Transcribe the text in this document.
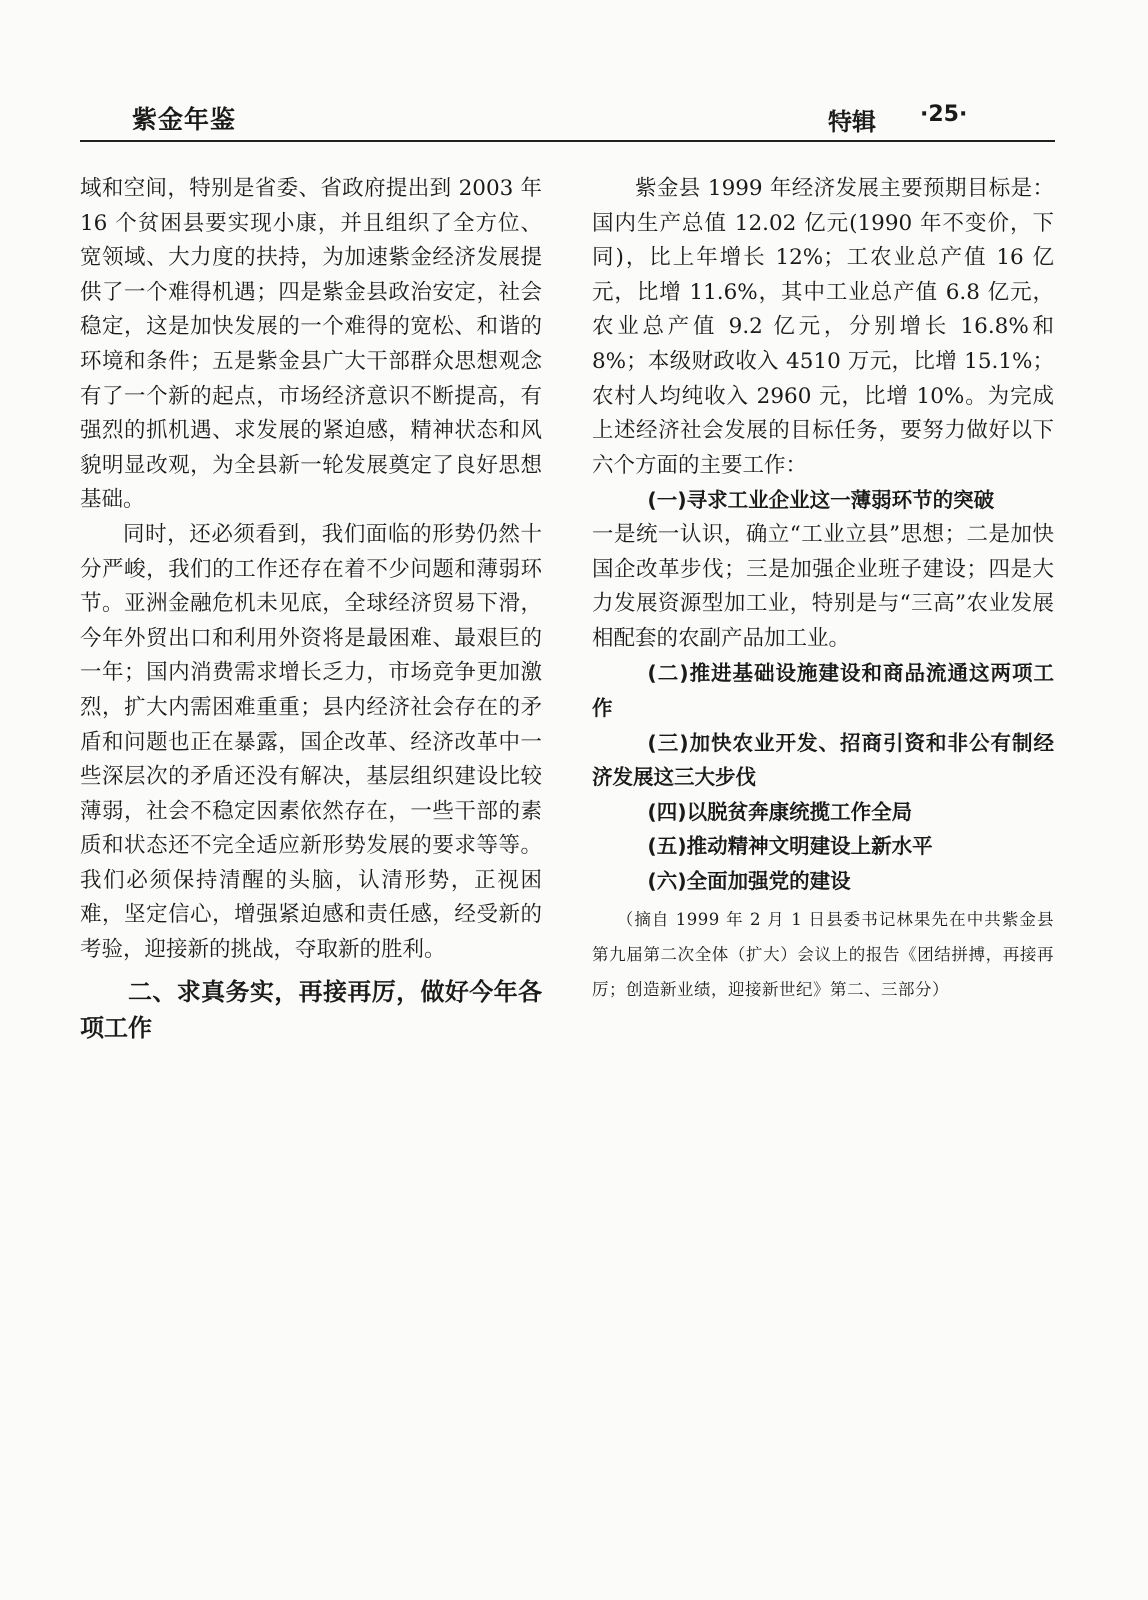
紫金年鉴	特辑 ·25·

域和空间，特别是省委、省政府提出到 2003 年 16 个贫困县要实现小康，并且组织了全方位、宽领域、大力度的扶持，为加速紫金经济发展提供了一个难得机遇；四是紫金县政治安定，社会稳定，这是加快发展的一个难得的宽松、和谐的环境和条件；五是紫金县广大干部群众思想观念有了一个新的起点，市场经济意识不断提高，有强烈的抓机遇、求发展的紧迫感，精神状态和风貌明显改观，为全县新一轮发展奠定了良好思想基础。

同时，还必须看到，我们面临的形势仍然十分严峻，我们的工作还存在着不少问题和薄弱环节。亚洲金融危机未见底，全球经济贸易下滑，今年外贸出口和利用外资将是最困难、最艰巨的一年；国内消费需求增长乏力，市场竞争更加激烈，扩大内需困难重重；县内经济社会存在的矛盾和问题也正在暴露，国企改革、经济改革中一些深层次的矛盾还没有解决，基层组织建设比较薄弱，社会不稳定因素依然存在，一些干部的素质和状态还不完全适应新形势发展的要求等等。我们必须保持清醒的头脑，认清形势，正视困难，坚定信心，增强紧迫感和责任感，经受新的考验，迎接新的挑战，夺取新的胜利。

二、求真务实，再接再厉，做好今年各项工作

紫金县 1999 年经济发展主要预期目标是：国内生产总值 12.02 亿元(1990 年不变价，下同)，比上年增长 12%；工农业总产值 16 亿元，比增 11.6%，其中工业总产值 6.8 亿元，农业总产值 9.2 亿元，分别增长 16.8%和 8%；本级财政收入 4510 万元，比增 15.1%；农村人均纯收入 2960 元，比增 10%。为完成上述经济社会发展的目标任务，要努力做好以下六个方面的主要工作：

(一)寻求工业企业这一薄弱环节的突破

一是统一认识，确立“工业立县”思想；二是加快国企改革步伐；三是加强企业班子建设；四是大力发展资源型加工业，特别是与“三高”农业发展相配套的农副产品加工业。

(二)推进基础设施建设和商品流通这两项工作
(三)加快农业开发、招商引资和非公有制经济发展这三大步伐
(四)以脱贫奔康统揽工作全局
(五)推动精神文明建设上新水平
(六)全面加强党的建设
（摘自 1999 年 2 月 1 日县委书记林果先在中共紫金县第九届第二次全体（扩大）会议上的报告《团结拼搏，再接再厉；创造新业绩，迎接新世纪》第二、三部分）
